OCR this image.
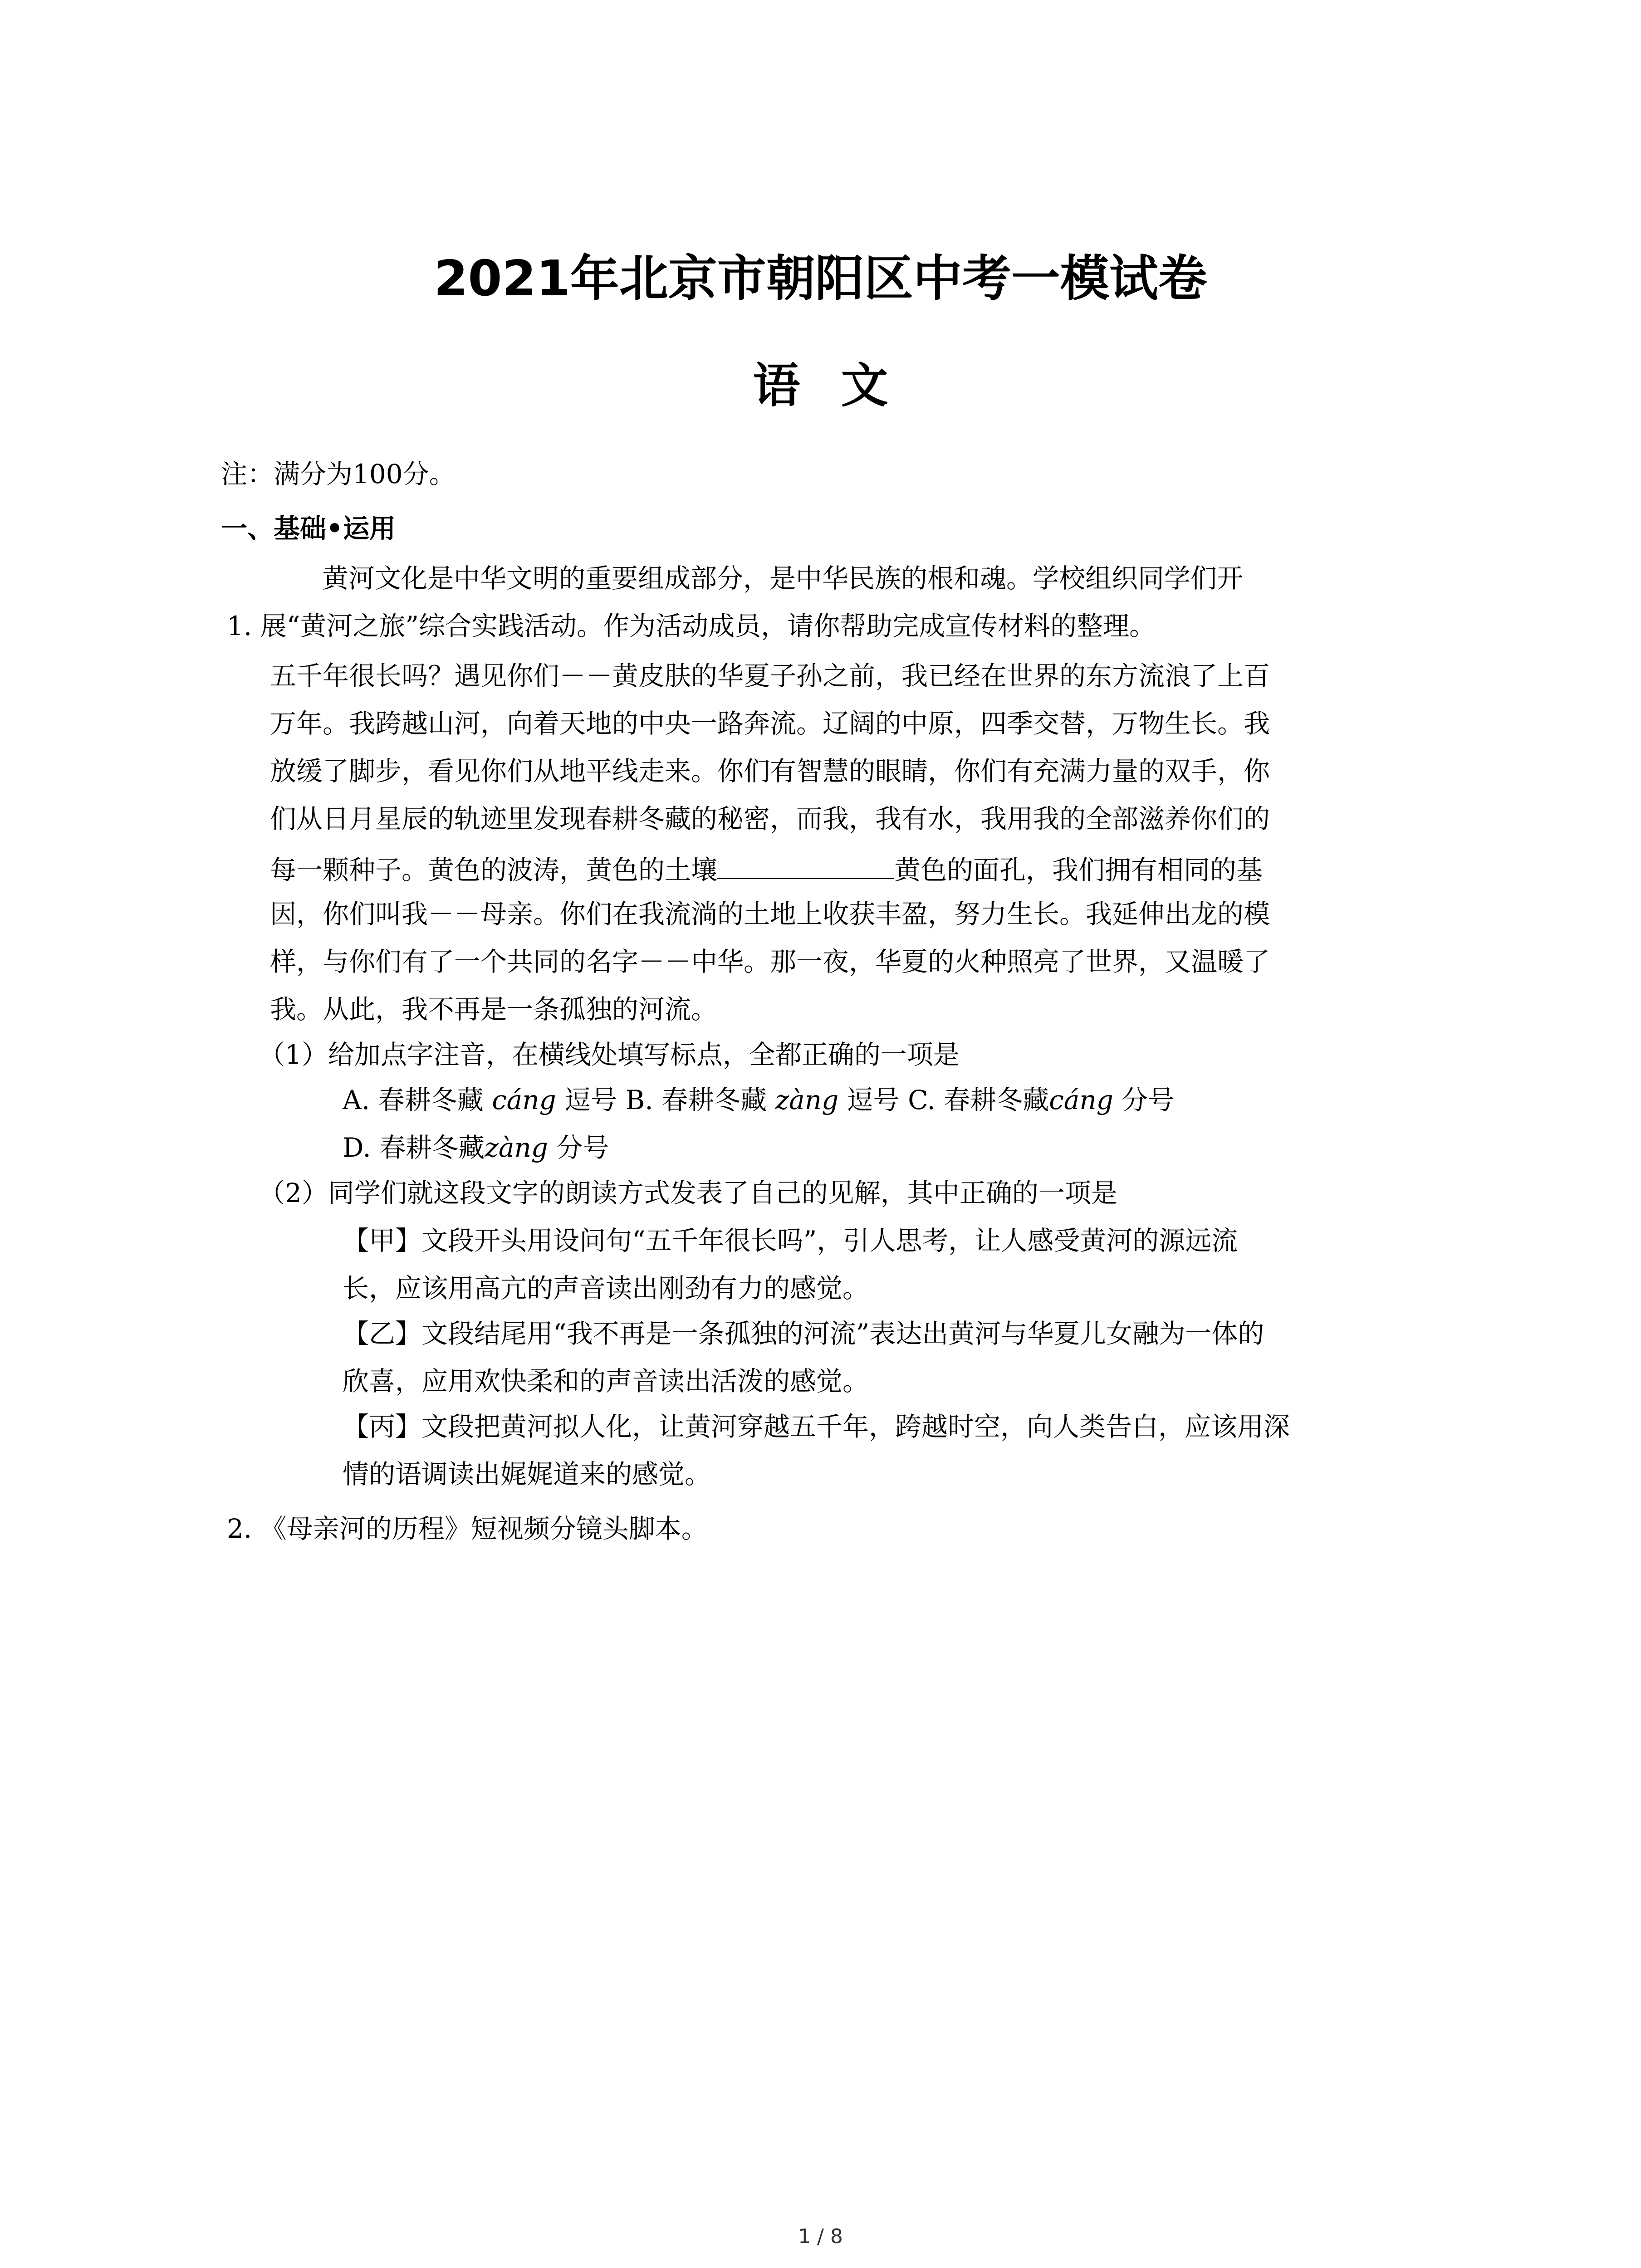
2021年北京市朝阳区中考一模试卷
语文
注：满分为100分。
一、基础•运用
黄河文化是中华文明的重要组成部分，是中华民族的根和魂。学校组织同学们开
1. 展“黄河之旅”综合实践活动。作为活动成员，请你帮助完成宣传材料的整理。
五千年很长吗？遇见你们－－黄皮肤的华夏子孙之前，我已经在世界的东方流浪了上百
万年。我跨越山河，向着天地的中央一路奔流。辽阔的中原，四季交替，万物生长。我
放缓了脚步，看见你们从地平线走来。你们有智慧的眼睛，你们有充满力量的双手，你
们从日月星辰的轨迹里发现春耕冬藏的秘密，而我，我有水，我用我的全部滋养你们的
每一颗种子。黄色的波涛，黄色的土壤	黄色的面孔，我们拥有相同的基
因，你们叫我－－母亲。你们在我流淌的土地上收获丰盈，努力生长。我延伸出龙的模
样，与你们有了一个共同的名字－－中华。那一夜，华夏的火种照亮了世界，又温暖了
我。从此，我不再是一条孤独的河流。
（1）给加点字注音，在横线处填写标点，全都正确的一项是
A. 春耕冬藏 cáng 逗号 B. 春耕冬藏 zàng 逗号 C. 春耕冬藏cáng 分号
D. 春耕冬藏zàng 分号
（2）同学们就这段文字的朗读方式发表了自己的见解，其中正确的一项是
【甲】文段开头用设问句“五千年很长吗”，引人思考，让人感受黄河的源远流
长，应该用高亢的声音读出刚劲有力的感觉。
【乙】文段结尾用“我不再是一条孤独的河流”表达出黄河与华夏儿女融为一体的
欣喜，应用欢快柔和的声音读出活泼的感觉。
【丙】文段把黄河拟人化，让黄河穿越五千年，跨越时空，向人类告白，应该用深
情的语调读出娓娓道来的感觉。
2. 《母亲河的历程》短视频分镜头脚本。
1 / 8
